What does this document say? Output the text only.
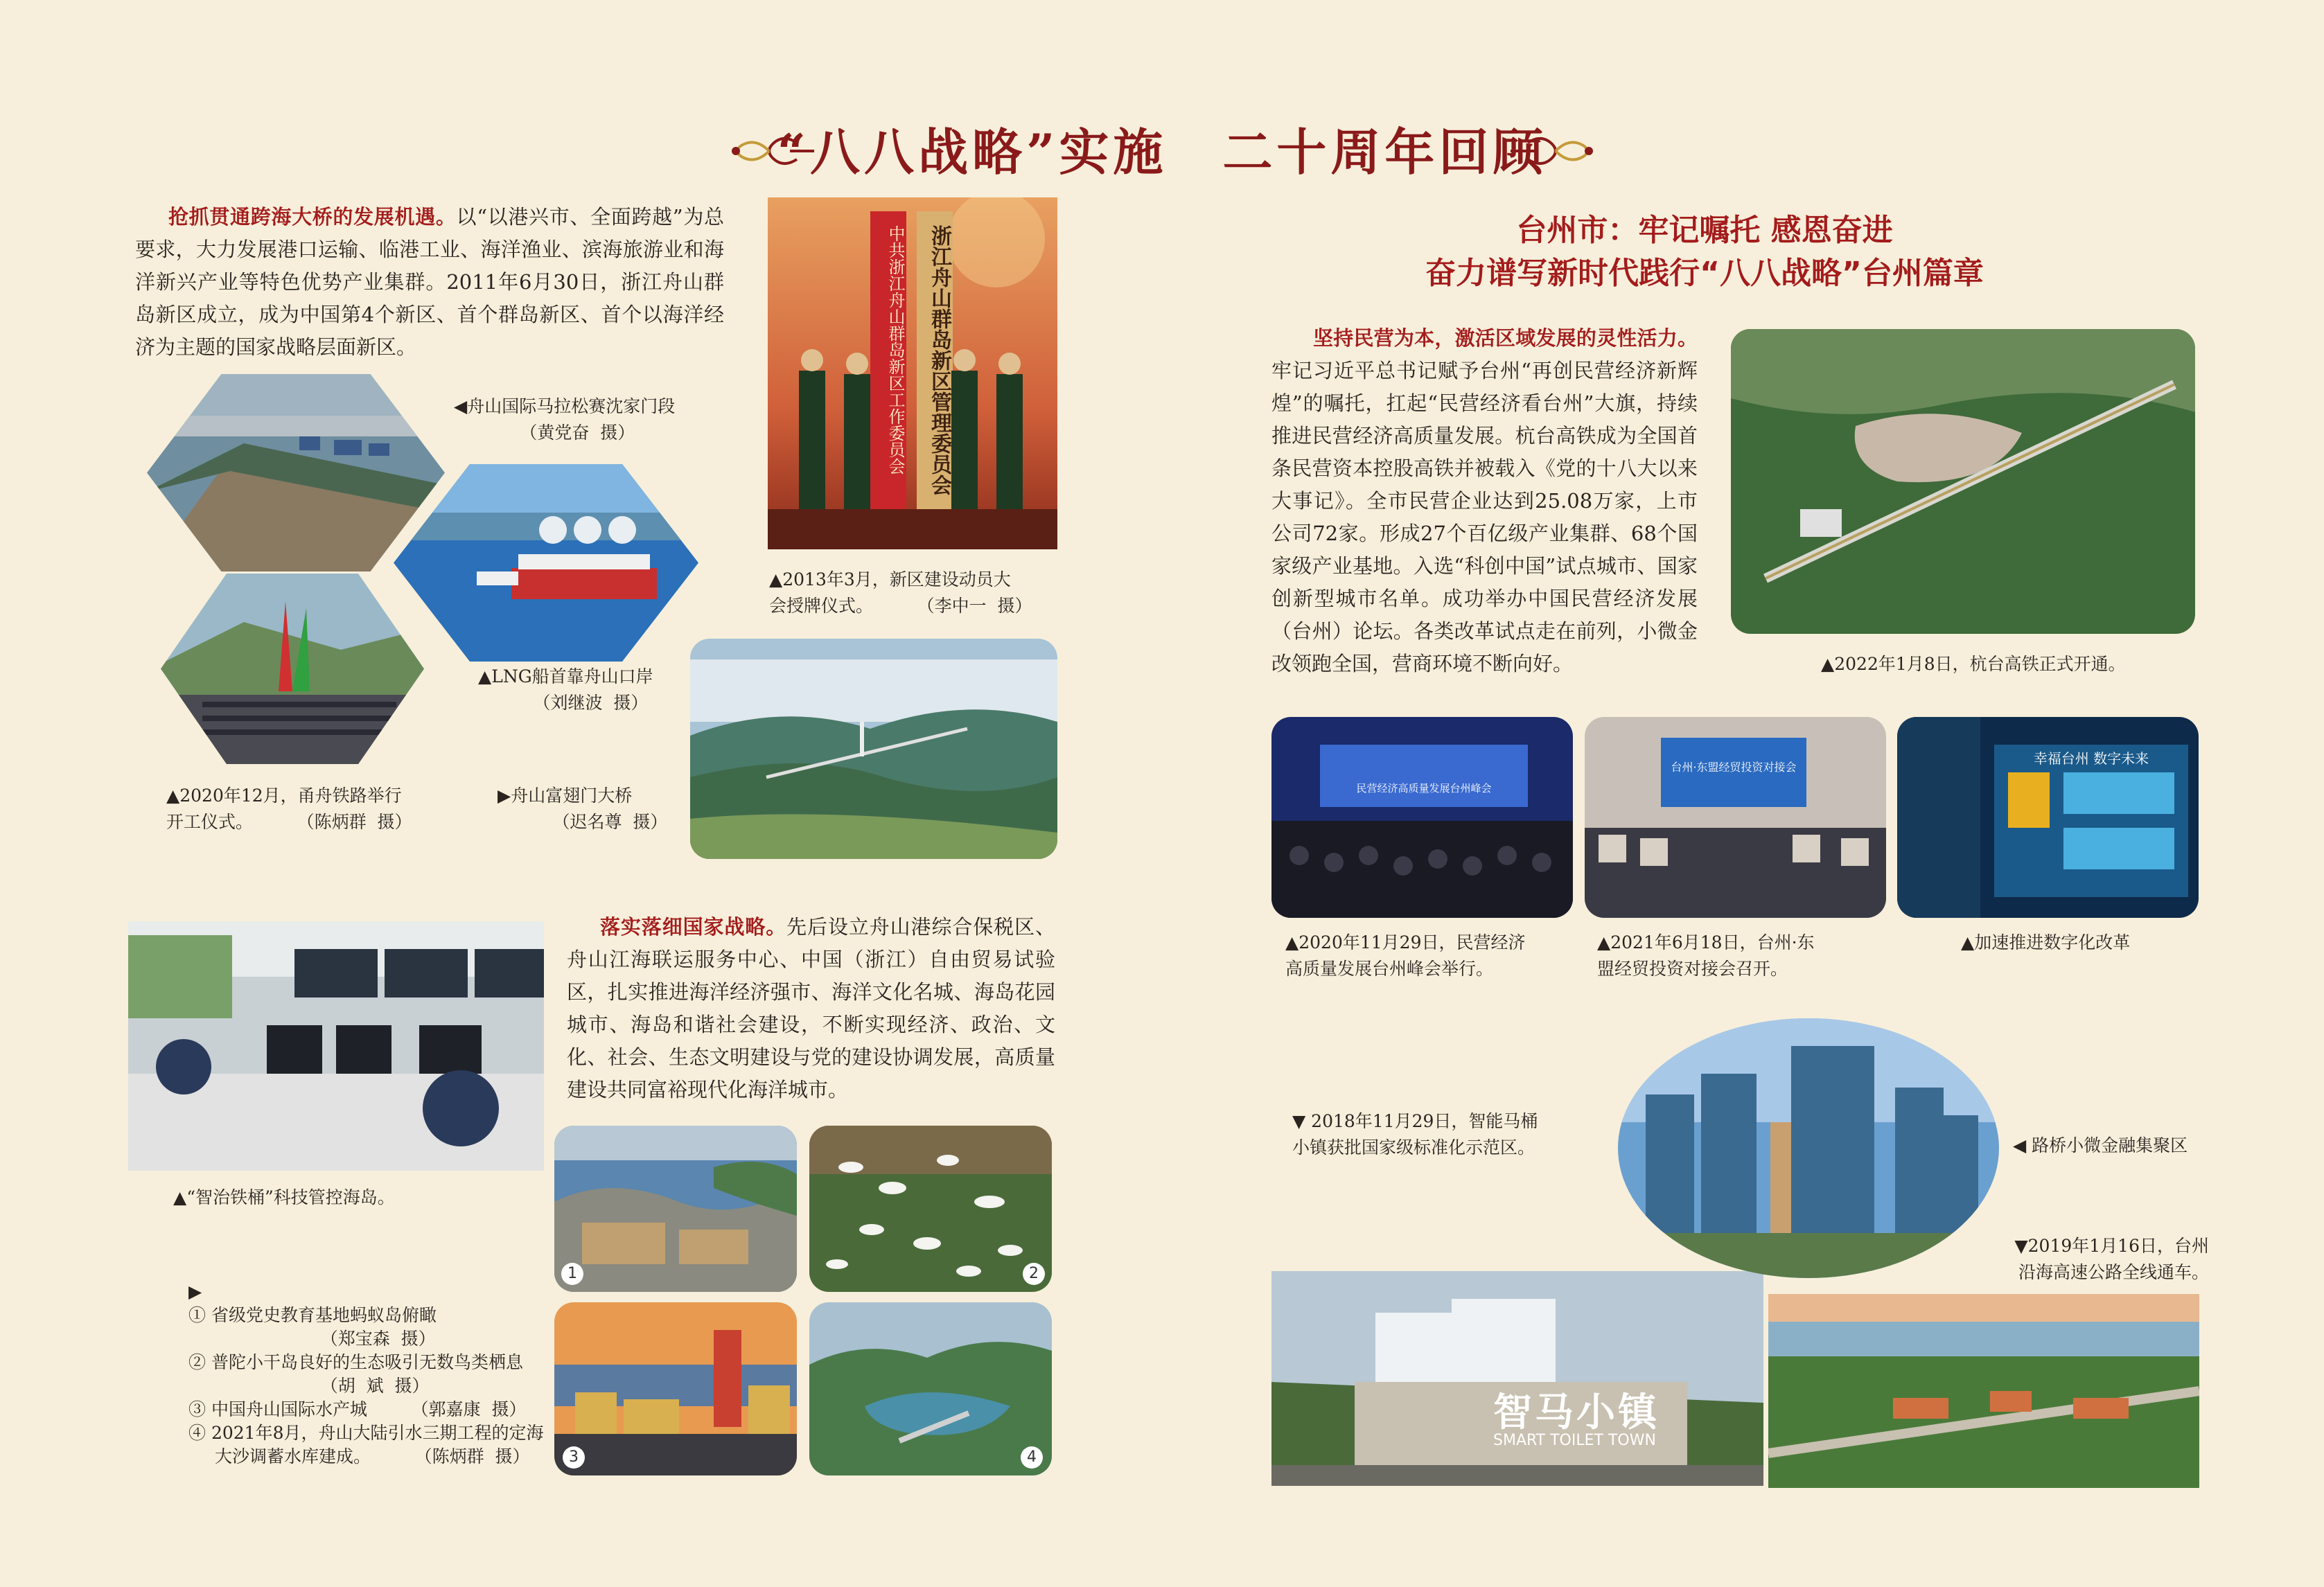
“八八战略”实施 二十周年回顾
抢抓贯通跨海大桥的发展机遇。以“以港兴市、全面跨越”为总要求，大力发展港口运输、临港工业、海洋渔业、滨海旅游业和海洋新兴产业等特色优势产业集群。2011年6月30日，浙江舟山群岛新区成立，成为中国第4个新区、首个群岛新区、首个以海洋经济为主题的国家战略层面新区。	浙江舟山群岛新区管理委员会
中共浙江舟山群岛新区工作委员会
▲2013年3月，新区建设动员大
会授牌仪式。        （李中一  摄）
◀舟山国际马拉松赛沈家门段
（黄党奋  摄）
▲LNG船首靠舟山口岸
（刘继波  摄）
▲2020年12月，甬舟铁路举行
开工仪式。        （陈炳群  摄）
▶舟山富翅门大桥
（迟名尊  摄）
▲“智治铁桶”科技管控海岛。
落实落细国家战略。先后设立舟山港综合保税区、舟山江海联运服务中心、中国（浙江）自由贸易试验区，扎实推进海洋经济强市、海洋文化名城、海岛花园城市、海岛和谐社会建设，不断实现经济、政治、文化、社会、生态文明建设与党的建设协调发展，高质量建设共同富裕现代化海洋城市。
1	2
3	4
▶
① 省级党史教育基地蚂蚁岛俯瞰
（郑宝森  摄）
② 普陀小干岛良好的生态吸引无数鸟类栖息
（胡  斌  摄）
③ 中国舟山国际水产城        （郭嘉康  摄）
④ 2021年8月，舟山大陆引水三期工程的定海
大沙调蓄水库建成。        （陈炳群  摄）
台州市：牢记嘱托 感恩奋进
奋力谱写新时代践行“八八战略”台州篇章
坚持民营为本，激活区域发展的灵性活力。牢记习近平总书记赋予台州“再创民营经济新辉煌”的嘱托，扛起“民营经济看台州”大旗，持续推进民营经济高质量发展。杭台高铁成为全国首条民营资本控股高铁并被载入《党的十八大以来大事记》。全市民营企业达到25.08万家，上市公司72家。形成27个百亿级产业集群、68个国家级产业基地。入选“科创中国”试点城市、国家创新型城市名单。成功举办中国民营经济发展（台州）论坛。各类改革试点走在前列，小微金改领跑全国，营商环境不断向好。	▲2022年1月8日，杭台高铁正式开通。
民营经济高质量发展台州峰会
▲2020年11月29日，民营经济
高质量发展台州峰会举行。
台州·东盟经贸投资对接会
▲2021年6月18日，台州·东
盟经贸投资对接会召开。
幸福台州 数字未来
▲加速推进数字化改革
智马小镇
SMART TOILET TOWN
▼ 2018年11月29日，智能马桶
小镇获批国家级标准化示范区。	◀ 路桥小微金融集聚区
▼2019年1月16日，台州
沿海高速公路全线通车。
